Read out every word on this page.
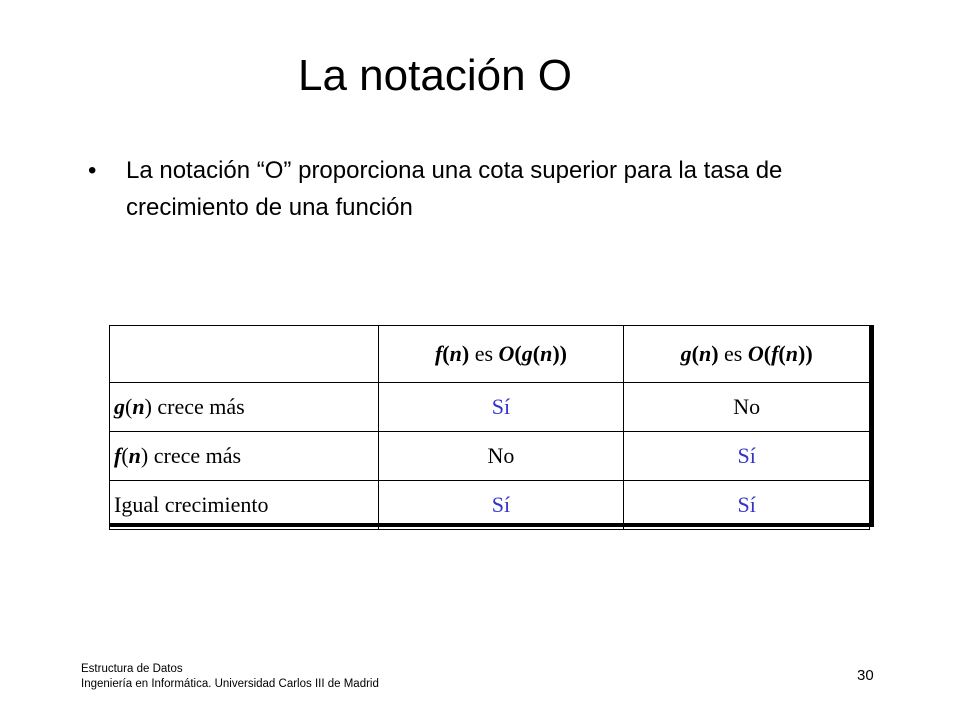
La notación O
•	La notación “O” proporciona una cota superior para la tasa de crecimiento de una función
	f(n) es O(g(n))	g(n) es O(f(n))
g(n) crece más	Sí	No
f(n) crece más	No	Sí
Igual crecimiento	Sí	Sí
Estructura de Datos
Ingeniería en Informática. Universidad Carlos III de Madrid	30
